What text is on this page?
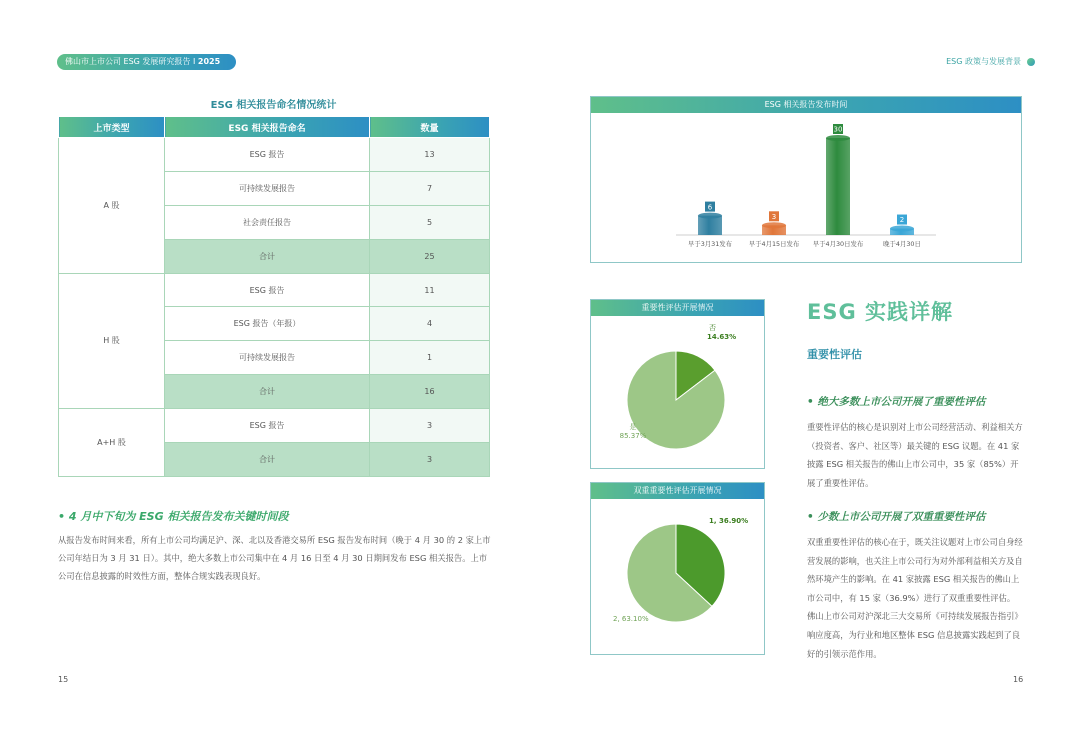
佛山市上市公司 ESG 发展研究报告 I 2025	ESG 政策与发展背景
ESG 相关报告命名情况统计
上市类型	ESG 相关报告命名	数量
A 股	ESG 报告	13
	可持续发展报告	7
	社会责任报告	5
	合计	25
H 股	ESG 报告	11
	ESG 报告（年报）	4
	可持续发展报告	1
	合计	16
A+H 股	ESG 报告	3
	合计	3
• 4 月中下旬为 ESG 相关报告发布关键时间段
从报告发布时间来看，所有上市公司均满足沪、深、北以及香港交易所 ESG 报告发布时间（晚于 4 月 30 的 2 家上市公司年结日为 3 月 31 日）。其中，绝大多数上市公司集中在 4 月 16 日至 4 月 30 日期间发布 ESG 相关报告。上市公司在信息披露的时效性方面，整体合规实践表现良好。
ESG 相关报告发布时间
6
早于3月31发布
3
早于4月15日发布
30
早于4月30日发布
2
晚于4月30日
重要性评估开展情况
否
14.63%
是
85.37%
双重重要性评估开展情况
1, 36.90%
2, 63.10%
ESG 实践详解
重要性评估
• 绝大多数上市公司开展了重要性评估
重要性评估的核心是识别对上市公司经营活动、利益相关方（投资者、客户、社区等）最关键的 ESG 议题。在 41 家披露 ESG 相关报告的佛山上市公司中，35 家（85%）开展了重要性评估。
• 少数上市公司开展了双重重要性评估
双重重要性评估的核心在于，既关注议题对上市公司自身经营发展的影响，也关注上市公司行为对外部利益相关方及自然环境产生的影响。在 41 家披露 ESG 相关报告的佛山上市公司中，有 15 家（36.9%）进行了双重重要性评估。佛山上市公司对沪深北三大交易所《可持续发展报告指引》响应度高，为行业和地区整体 ESG 信息披露实践起到了良好的引领示范作用。
15	16
